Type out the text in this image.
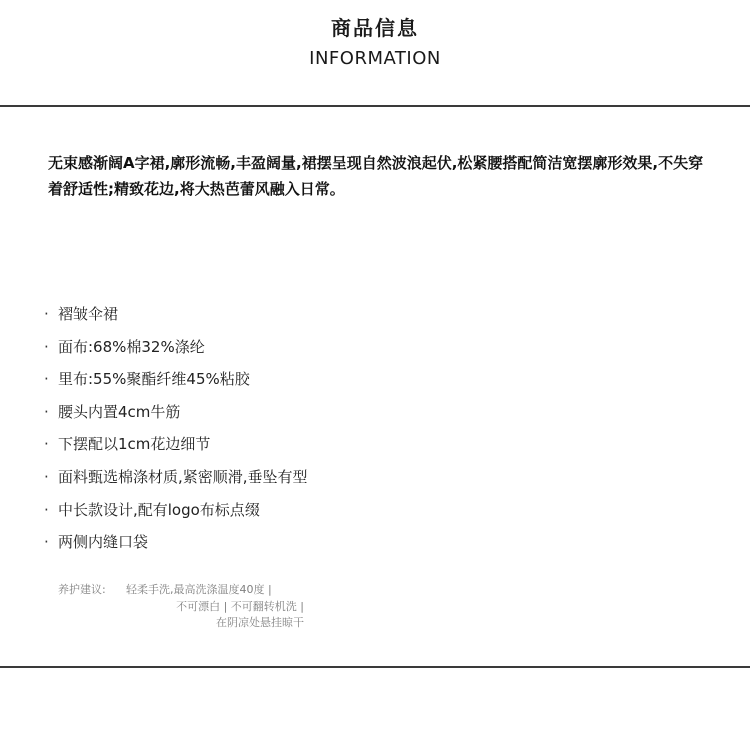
商品信息
INFORMATION
无束感渐阔A字裙,廓形流畅,丰盈阔量,裙摆呈现自然波浪起伏,松紧腰搭配简洁宽摆廓形效果,不失穿着舒适性;精致花边,将大热芭蕾风融入日常。
· 褶皱伞裙
· 面布:68%棉32%涤纶
· 里布:55%聚酯纤维45%粘胶
· 腰头内置4cm牛筋
· 下摆配以1cm花边细节
· 面料甄选棉涤材质,紧密顺滑,垂坠有型
· 中长款设计,配有logo布标点缀
· 两侧内缝口袋
养护建议:	轻柔手洗,最高洗涤温度40度 |
不可漂白 | 不可翻转机洗 |
在阴凉处悬挂晾干
